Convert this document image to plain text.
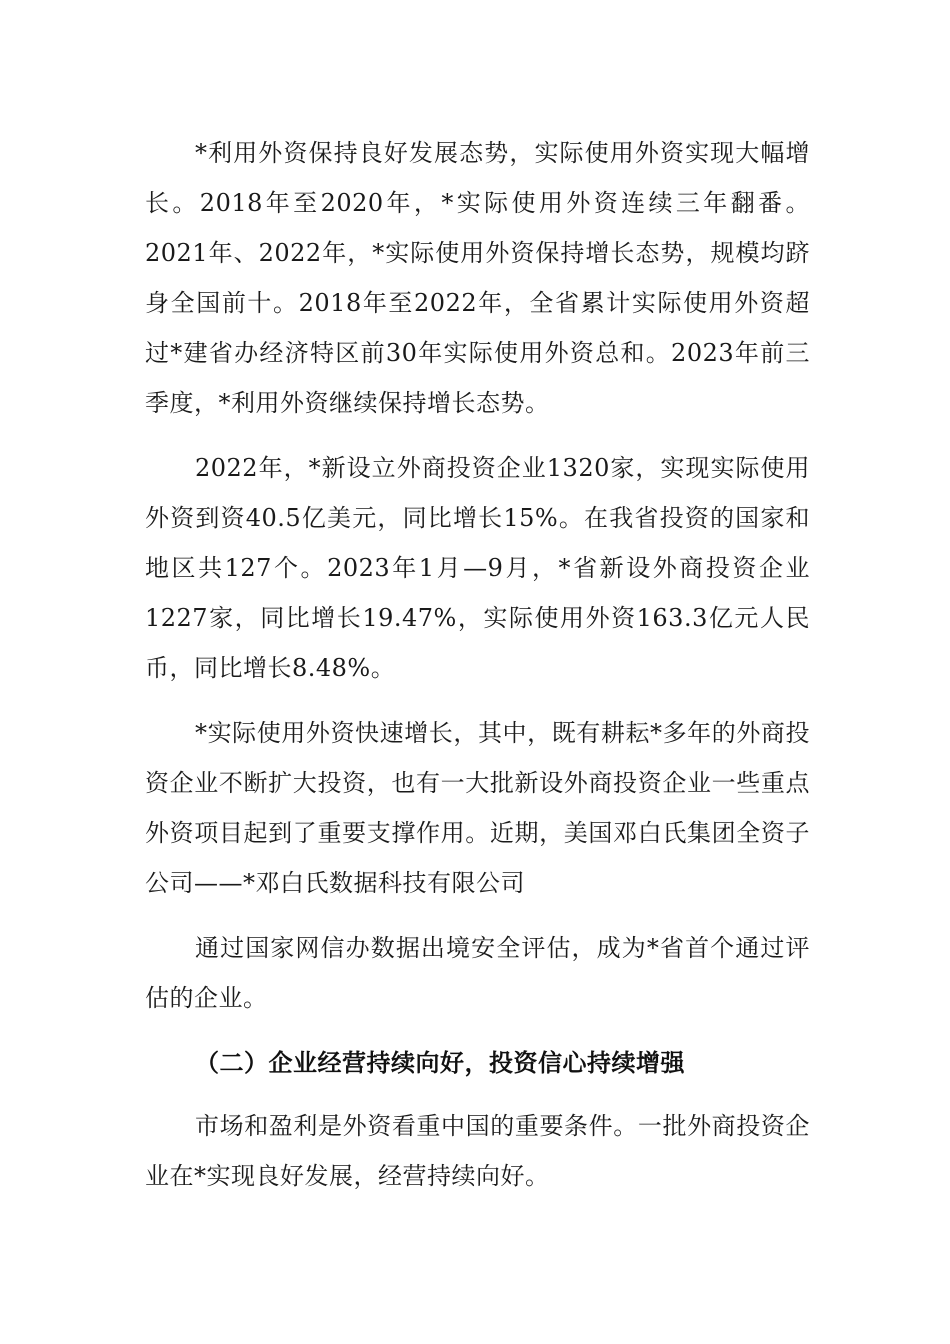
*利用外资保持良好发展态势，实际使用外资实现大幅增长。2018年至2020年，*实际使用外资连续三年翻番。2021年、2022年，*实际使用外资保持增长态势，规模均跻身全国前十。2018年至2022年，全省累计实际使用外资超过*建省办经济特区前30年实际使用外资总和。2023年前三季度，*利用外资继续保持增长态势。

2022年，*新设立外商投资企业1320家，实现实际使用外资到资40.5亿美元，同比增长15%。在我省投资的国家和地区共127个。2023年1月—9月，*省新设外商投资企业1227家，同比增长19.47%，实际使用外资163.3亿元人民币，同比增长8.48%。

*实际使用外资快速增长，其中，既有耕耘*多年的外商投资企业不断扩大投资，也有一大批新设外商投资企业一些重点外资项目起到了重要支撑作用。近期，美国邓白氏集团全资子公司——*邓白氏数据科技有限公司

通过国家网信办数据出境安全评估，成为*省首个通过评估的企业。

（二）企业经营持续向好，投资信心持续增强

市场和盈利是外资看重中国的重要条件。一批外商投资企业在*实现良好发展，经营持续向好。
